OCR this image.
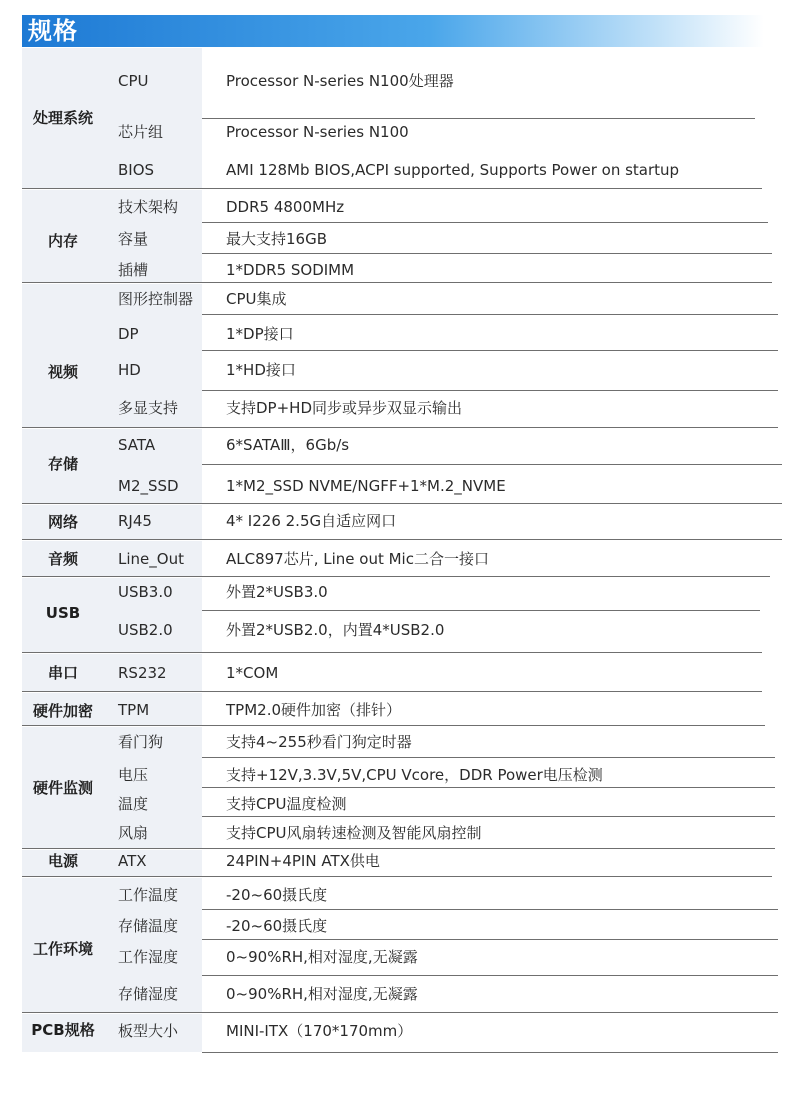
规格
处理系统
CPU	Processor N-series N100处理器
芯片组	Processor N-series N100
BIOS	AMI 128Mb BIOS,ACPI supported, Supports Power on startup
内存
技术架构	DDR5 4800MHz
容量	最大支持16GB
插槽	1*DDR5 SODIMM
视频
图形控制器 CPU集成
DP	1*DP接口
HD	1*HD接口
多显支持	支持DP+HD同步或异步双显示输出
存储
SATA	6*SATAⅢ，6Gb/s
M2_SSD	1*M2_SSD NVME/NGFF+1*M.2_NVME
网络	RJ45	4* I226 2.5G自适应网口
音频	Line_Out	ALC897芯片, Line out Mic二合一接口
USB
USB3.0	外置2*USB3.0
USB2.0	外置2*USB2.0，内置4*USB2.0
串口	RS232	1*COM
硬件加密	TPM	TPM2.0硬件加密（排针）
硬件监测
看门狗	支持4~255秒看门狗定时器
电压	支持+12V,3.3V,5V,CPU Vcore，DDR Power电压检测
温度	支持CPU温度检测
风扇	支持CPU风扇转速检测及智能风扇控制
电源	ATX	24PIN+4PIN ATX供电
工作环境
工作温度	-20~60摄氏度
存储温度	-20~60摄氏度
工作湿度	0~90%RH,相对湿度,无凝露
存储湿度	0~90%RH,相对湿度,无凝露
PCB规格	板型大小	MINI-ITX（170*170mm）
